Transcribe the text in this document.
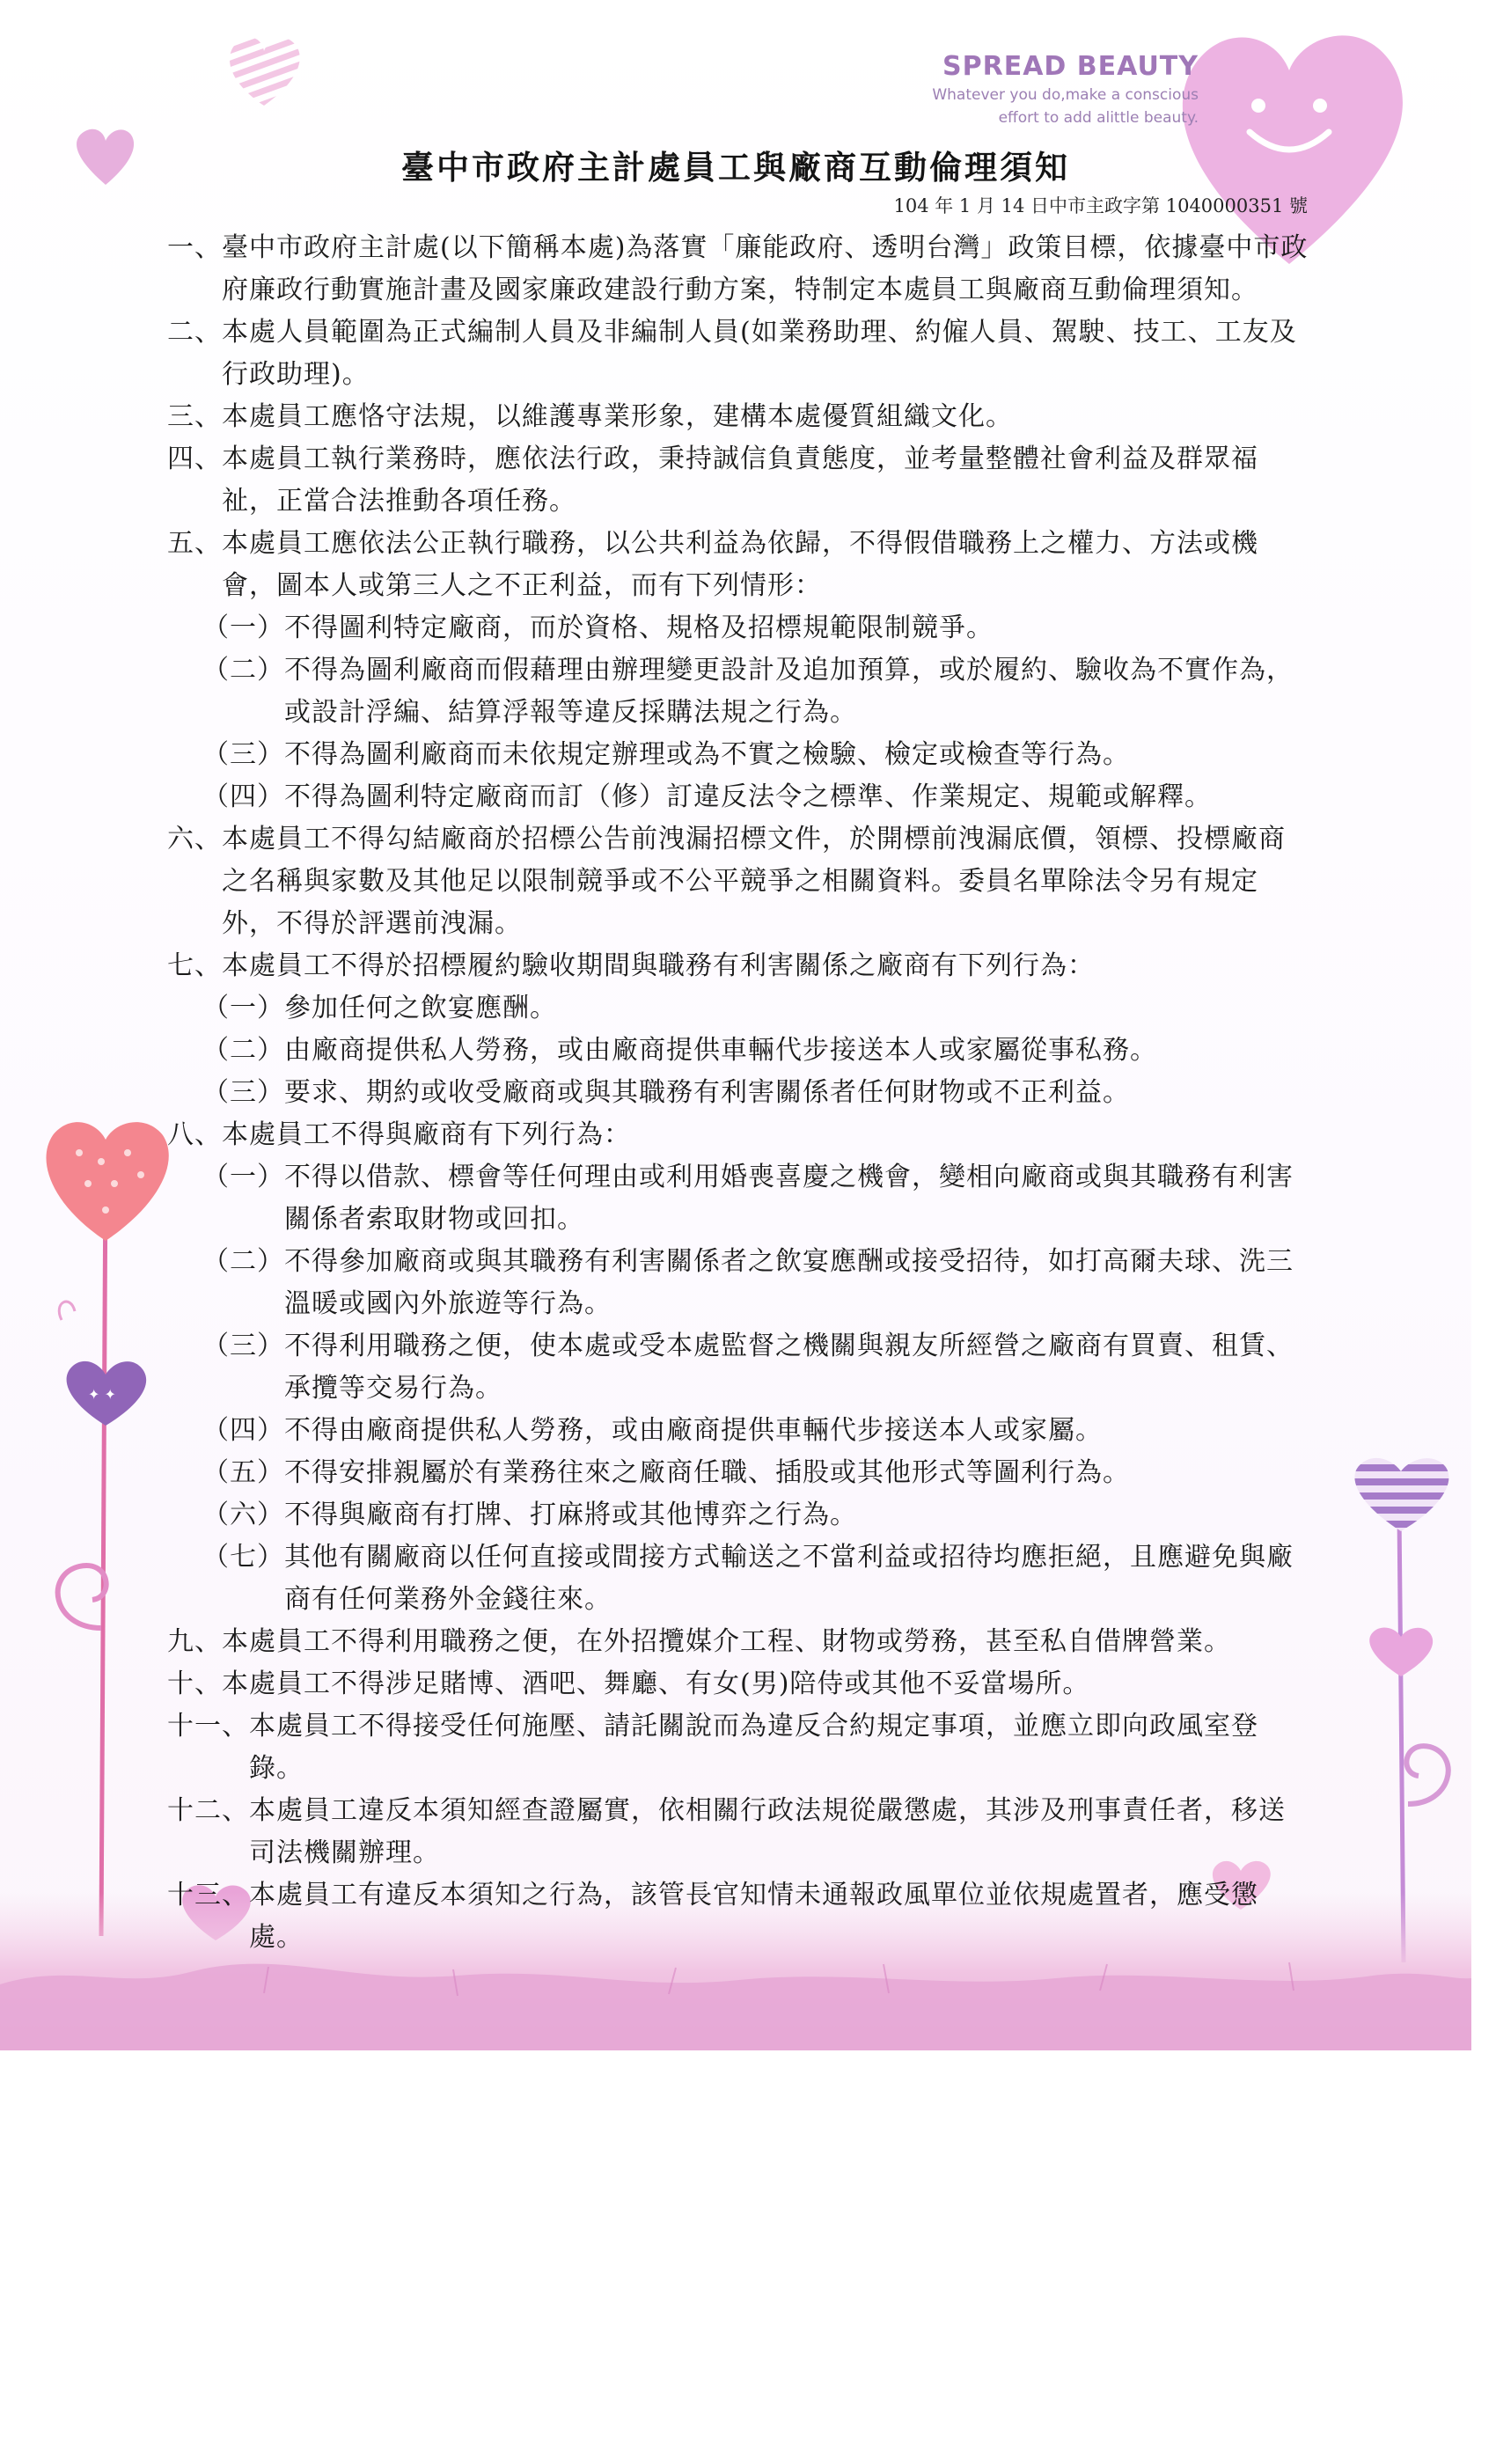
✦ ✦
SPREAD BEAUTY
Whatever you do,make a conscious
effort to add alittle beauty.
臺中市政府主計處員工與廠商互動倫理須知
104 年 1 月 14 日中市主政字第 1040000351 號
一、 臺中市政府主計處(以下簡稱本處)為落實「廉能政府、透明台灣」政策目標，依據臺中市政府廉政行動實施計畫及國家廉政建設行動方案，特制定本處員工與廠商互動倫理須知。
二、 本處人員範圍為正式編制人員及非編制人員(如業務助理、約僱人員、駕駛、技工、工友及行政助理)。
三、 本處員工應恪守法規，以維護專業形象，建構本處優質組織文化。
四、 本處員工執行業務時，應依法行政，秉持誠信負責態度，並考量整體社會利益及群眾福祉，正當合法推動各項任務。
五、 本處員工應依法公正執行職務，以公共利益為依歸，不得假借職務上之權力、方法或機會，圖本人或第三人之不正利益，而有下列情形：
（一） 不得圖利特定廠商，而於資格、規格及招標規範限制競爭。
（二） 不得為圖利廠商而假藉理由辦理變更設計及追加預算，或於履約、驗收為不實作為，或設計浮編、結算浮報等違反採購法規之行為。
（三） 不得為圖利廠商而未依規定辦理或為不實之檢驗、檢定或檢查等行為。
（四） 不得為圖利特定廠商而訂（修）訂違反法令之標準、作業規定、規範或解釋。
六、 本處員工不得勾結廠商於招標公告前洩漏招標文件，於開標前洩漏底價，領標、投標廠商之名稱與家數及其他足以限制競爭或不公平競爭之相關資料。委員名單除法令另有規定外，不得於評選前洩漏。
七、 本處員工不得於招標履約驗收期間與職務有利害關係之廠商有下列行為：
（一） 參加任何之飲宴應酬。
（二） 由廠商提供私人勞務，或由廠商提供車輛代步接送本人或家屬從事私務。
（三） 要求、期約或收受廠商或與其職務有利害關係者任何財物或不正利益。
八、 本處員工不得與廠商有下列行為：
（一） 不得以借款、標會等任何理由或利用婚喪喜慶之機會，變相向廠商或與其職務有利害關係者索取財物或回扣。
（二） 不得參加廠商或與其職務有利害關係者之飲宴應酬或接受招待，如打高爾夫球、洗三溫暖或國內外旅遊等行為。
（三） 不得利用職務之便，使本處或受本處監督之機關與親友所經營之廠商有買賣、租賃、承攬等交易行為。
（四） 不得由廠商提供私人勞務，或由廠商提供車輛代步接送本人或家屬。
（五） 不得安排親屬於有業務往來之廠商任職、插股或其他形式等圖利行為。
（六） 不得與廠商有打牌、打麻將或其他博弈之行為。
（七） 其他有關廠商以任何直接或間接方式輸送之不當利益或招待均應拒絕，且應避免與廠商有任何業務外金錢往來。
九、 本處員工不得利用職務之便，在外招攬媒介工程、財物或勞務，甚至私自借牌營業。
十、 本處員工不得涉足賭博、酒吧、舞廳、有女(男)陪侍或其他不妥當場所。
十一、 本處員工不得接受任何施壓、請託關說而為違反合約規定事項，並應立即向政風室登錄。
十二、 本處員工違反本須知經查證屬實，依相關行政法規從嚴懲處，其涉及刑事責任者，移送司法機關辦理。
十三、 本處員工有違反本須知之行為，該管長官知情未通報政風單位並依規處置者，應受懲處。
